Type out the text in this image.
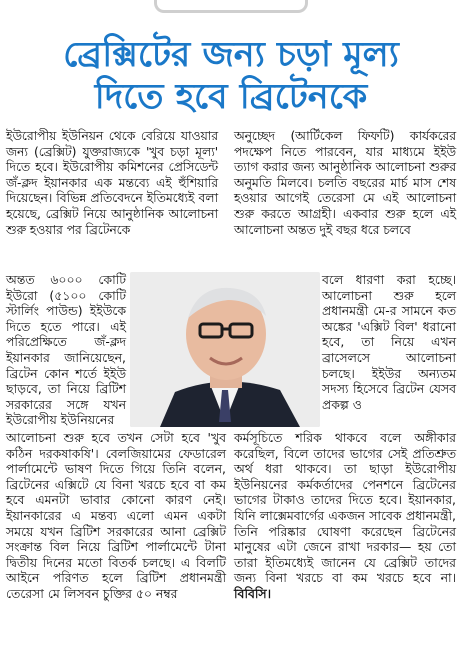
ব্রেক্সিটের জন্য চড়া মূল্য
দিতে হবে ব্রিটেনকে
ইউরোপীয় ইউনিয়ন থেকে বেরিয়ে যাওয়ার জন্য (ব্রেক্সিট) যুক্তরাজ্যকে 'খুব চড়া মূল্য' দিতে হবে। ইউরোপীয় কমিশনের প্রেসিডেন্ট জঁ-ক্লদ ইয়ানকার এক মন্তব্যে এই হুঁশিয়ারি দিয়েছেন। বিভিন্ন প্রতিবেদনে ইতিমধ্যেই বলা হয়েছে, ব্রেক্সিট নিয়ে আনুষ্ঠানিক আলোচনা শুরু হওয়ার পর ব্রিটেনকে
অনুচ্ছেদ (আর্টিকেল ফিফটি) কার্যকরের পদক্ষেপ নিতে পারবেন, যার মাধ্যমে ইইউ ত্যাগ করার জন্য আনুষ্ঠানিক আলোচনা শুরুর অনুমতি মিলবে। চলতি বছরের মার্চ মাস শেষ হওয়ার আগেই তেরেসা মে এই আলোচনা শুরু করতে আগ্রহী। একবার শুরু হলে এই আলোচনা অন্তত দুই বছর ধরে চলবে
অন্তত ৬০০০ কোটি ইউরো (৫১০০ কোটি স্টার্লিং পাউন্ড) ইইউকে দিতে হতে পারে। এই পরিপ্রেক্ষিতে জঁ-ক্লদ ইয়ানকার জানিয়েছেন, ব্রিটেন কোন শর্তে ইইউ ছাড়বে, তা নিয়ে ব্রিটিশ সরকারের সঙ্গে যখন ইউরোপীয় ইউনিয়নের
বলে ধারণা করা হচ্ছে। আলোচনা শুরু হলে প্রধানমন্ত্রী মে-র সামনে কত অঙ্কের 'এক্সিট বিল' ধরানো হবে, তা নিয়ে এখন ব্রাসেলসে আলোচনা চলছে। ইইউর অন্যতম সদস্য হিসেবে ব্রিটেন যেসব প্রকল্প ও
আলোচনা শুরু হবে তখন সেটা হবে 'খুব কঠিন দরকষাকষি'। বেলজিয়ামের ফেডারেল পার্লামেন্টে ভাষণ দিতে গিয়ে তিনি বলেন, ব্রিটেনের এক্সিটে যে বিনা খরচে হবে বা কম হবে এমনটা ভাবার কোনো কারণ নেই। ইয়ানকারের এ মন্তব্য এলো এমন একটা সময়ে যখন ব্রিটিশ সরকারের আনা ব্রেক্সিট সংক্রান্ত বিল নিয়ে ব্রিটিশ পার্লামেন্টে টানা দ্বিতীয় দিনের মতো বিতর্ক চলছে। এ বিলটি আইনে পরিণত হলে ব্রিটিশ প্রধানমন্ত্রী তেরেসা মে লিসবন চুক্তির ৫০ নম্বর
কর্মসূচিতে শরিক থাকবে বলে অঙ্গীকার করেছিল, বিলে তাদের ভাগের সেই প্রতিশ্রুত অর্থ ধরা থাকবে। তা ছাড়া ইউরোপীয় ইউনিয়নের কর্মকর্তাদের পেনশনে ব্রিটেনের ভাগের টাকাও তাদের দিতে হবে। ইয়ানকার, যিনি লাক্সেমবার্গের একজন সাবেক প্রধানমন্ত্রী, তিনি পরিষ্কার ঘোষণা করেছেন ব্রিটেনের মানুষের এটা জেনে রাখা দরকার— হয় তো তারা ইতিমধ্যেই জানেন যে ব্রেক্সিট তাদের জন্য বিনা খরচে বা কম খরচে হবে না। বিবিসি।
